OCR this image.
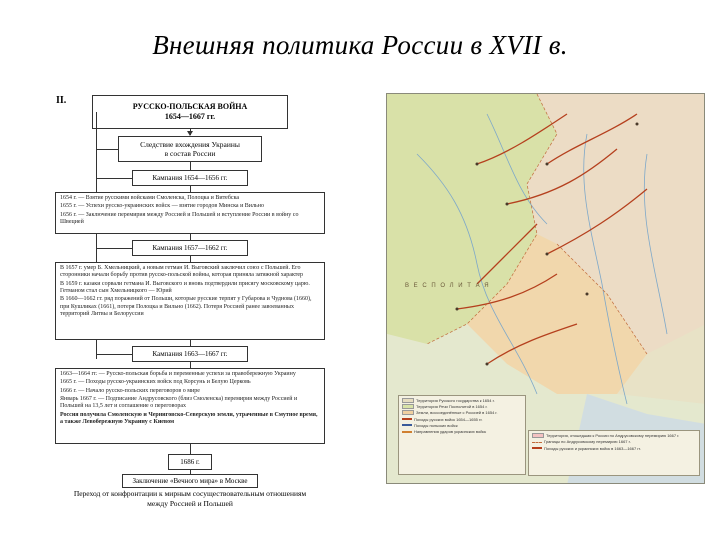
Внешняя политика России в XVII в.
II.
РУССКО-ПОЛЬСКАЯ ВОЙНА
1654—1667 гг.
Следствие вхождения Украины
в состав России
Кампания 1654—1656 гг.

1654 г. — Взятие русскими войсками Смоленска, Полоцка и Витебска

1655 г. — Успехи русско-украинских войск — взятие городов Минска и Вильно

1656 г. — Заключение перемирия между Россией и Польшей и вступление России в войну со Швецией

Кампания 1657—1662 гг.

В 1657 г. умер Б. Хмельницкий, а новым гетман И. Выговский заключил союз с Польшей. Его сторонники начали борьбу против русско-польской войны, которая приняла затяжной характер

В 1659 г. казаки сорвали гетмана И. Выговского и вновь подтвердили присягу московскому царю. Гетманом стал сын Хмельницкого — Юрий

В 1660—1662 гг. ряд поражений от Польши, которые русские терпят у Губарова и Чуднова (1660), при Кушликах (1661), потеря Полоцка и Вильно (1662). Потеря Россией ранее завоеванных территорий Литвы и Белоруссии

Кампания 1663—1667 гг.

1663—1664 гг. — Русско-польская борьба и переменные успехи за правобережную Украину

1665 г. — Походы русско-украинских войск под Корсунь и Белую Церковь

1666 г. — Начало русско-польских переговоров о мире

Январь 1667 г. — Подписание Андрусовского (близ Смоленска) перемирия между Россией и Польшей на 13,5 лет и соглашение о переговорах

Россия получила Смоленскую и Черниговско-Северскую земли, утраченные в Смутное время, а также Левобережную Украину с Киевом

1686 г.
Заключение «Вечного мира» в Москве
Переход от конфронтации к мирным сосуществовательным отношениям
между Россией и Польшей
В Е С П О Л И Т А Я
Территория Русского государства к 1654 г.
Территория Речи Посполитой в 1654 г.
Земли, воссоединённые с Россией в 1654 г.
Походы русских войск 1654—1655 гг.
Походы польских войск
Направления ударов украинских войск
Территория, отошедшая к России по Андрусовскому перемирию 1667 г.
Границы по Андрусовскому перемирию 1667 г.
Походы русских и украинских войск в 1663—1667 гг.
